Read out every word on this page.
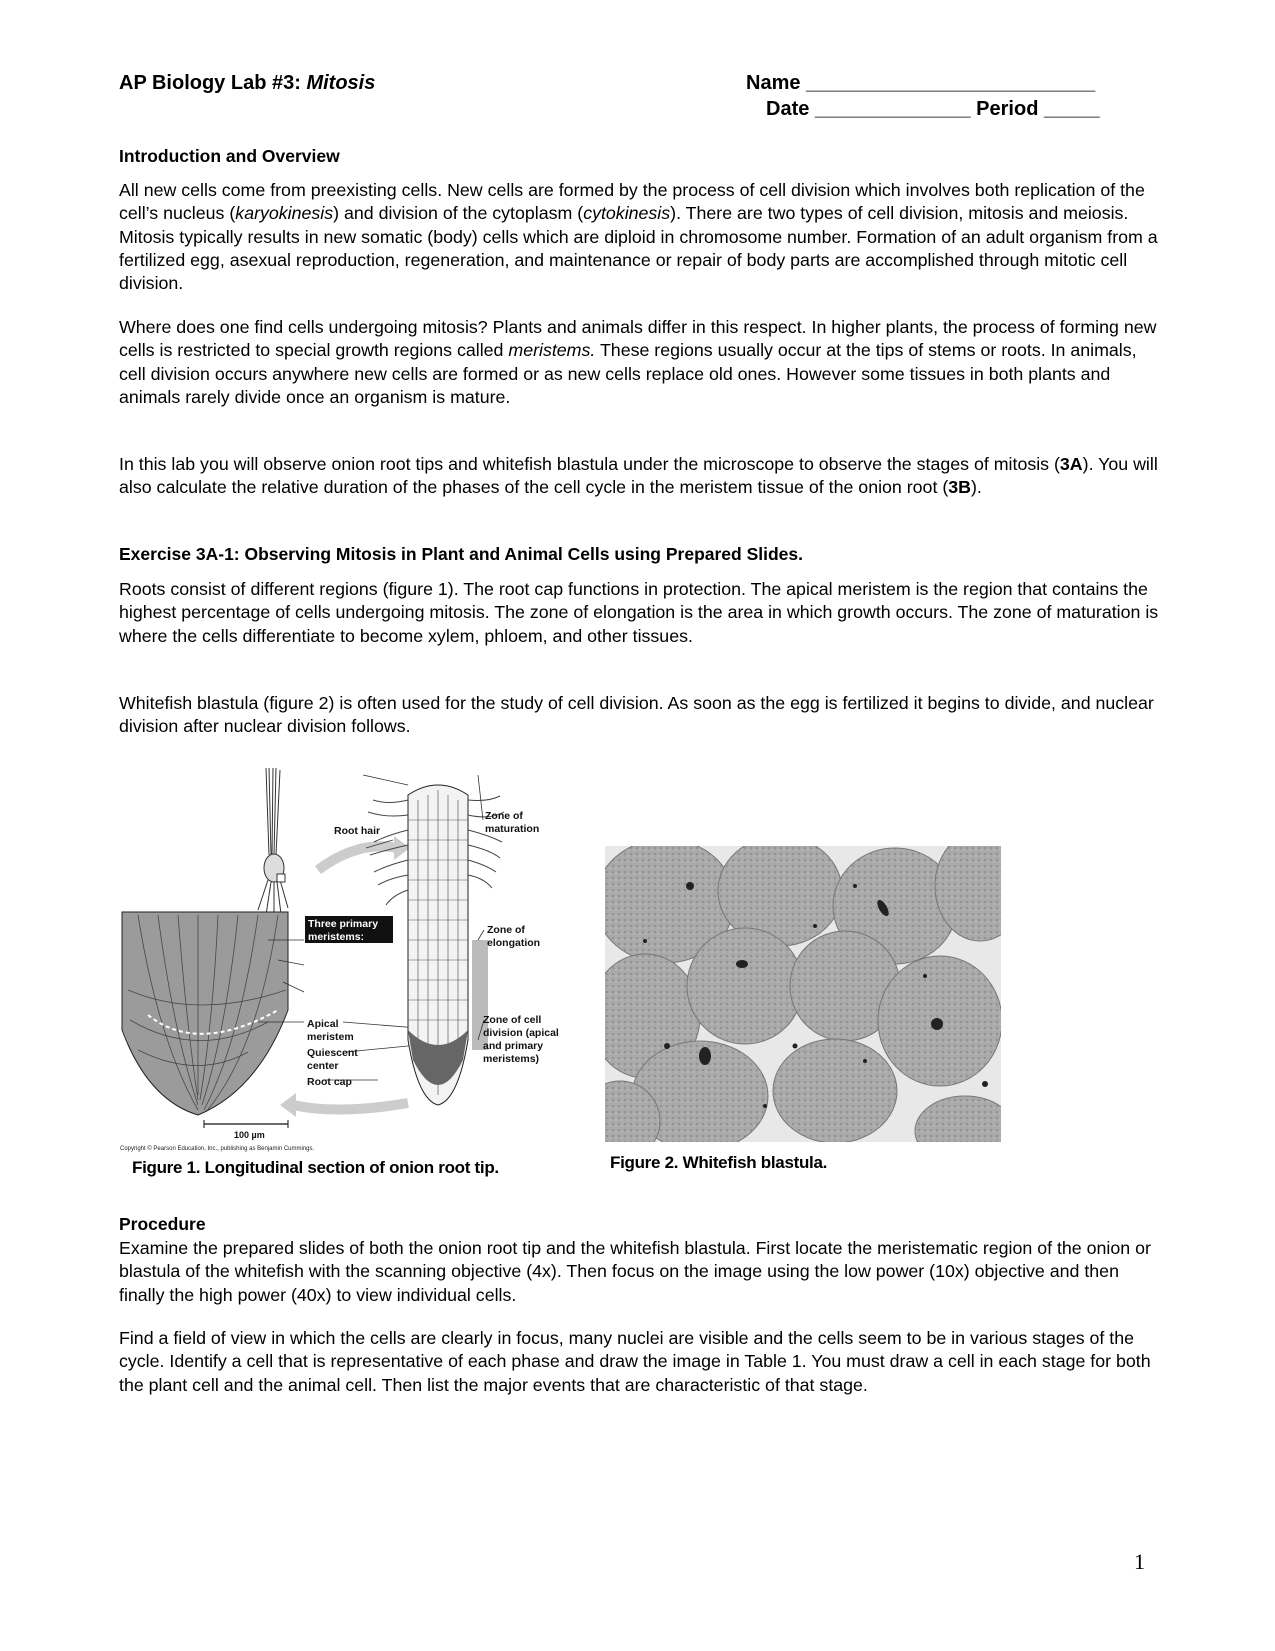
AP Biology Lab #3: Mitosis	Name __________________________
Date ______________ Period _____
Introduction and Overview

All new cells come from preexisting cells. New cells are formed by the process of cell division which involves both replication of the cell’s nucleus (karyokinesis) and division of the cytoplasm (cytokinesis). There are two types of cell division, mitosis and meiosis. Mitosis typically results in new somatic (body) cells which are diploid in chromosome number. Formation of an adult organism from a fertilized egg, asexual reproduction, regeneration, and maintenance or repair of body parts are accomplished through mitotic cell division.

Where does one find cells undergoing mitosis? Plants and animals differ in this respect. In higher plants, the process of forming new cells is restricted to special growth regions called meristems. These regions usually occur at the tips of stems or roots. In animals, cell division occurs anywhere new cells are formed or as new cells replace old ones. However some tissues in both plants and animals rarely divide once an organism is mature.

In this lab you will observe onion root tips and whitefish blastula under the microscope to observe the stages of mitosis (3A). You will also calculate the relative duration of the phases of the cell cycle in the meristem tissue of the onion root (3B).

Exercise 3A-1: Observing Mitosis in Plant and Animal Cells using Prepared Slides.

Roots consist of different regions (figure 1). The root cap functions in protection. The apical meristem is the region that contains the highest percentage of cells undergoing mitosis. The zone of elongation is the area in which growth occurs. The zone of maturation is where the cells differentiate to become xylem, phloem, and other tissues.

Whitefish blastula (figure 2) is often used for the study of cell division. As soon as the egg is fertilized it begins to divide, and nuclear division after nuclear division follows.

Root hair
Zone of
maturation
Three primary
meristems:
Zone of
elongation
Apical
meristem
Quiescent
center
Root cap
Zone of cell
division (apical
and primary
meristems)
100 µm
Copyright © Pearson Education, Inc., publishing as Benjamin Cummings.
Figure 1. Longitudinal section of onion root tip.	Figure 2. Whitefish blastula.
Procedure

Examine the prepared slides of both the onion root tip and the whitefish blastula. First locate the meristematic region of the onion or blastula of the whitefish with the scanning objective (4x). Then focus on the image using the low power (10x) objective and then finally the high power (40x) to view individual cells.

Find a field of view in which the cells are clearly in focus, many nuclei are visible and the cells seem to be in various stages of the cycle. Identify a cell that is representative of each phase and draw the image in Table 1. You must draw a cell in each stage for both the plant cell and the animal cell. Then list the major events that are characteristic of that stage.

1
